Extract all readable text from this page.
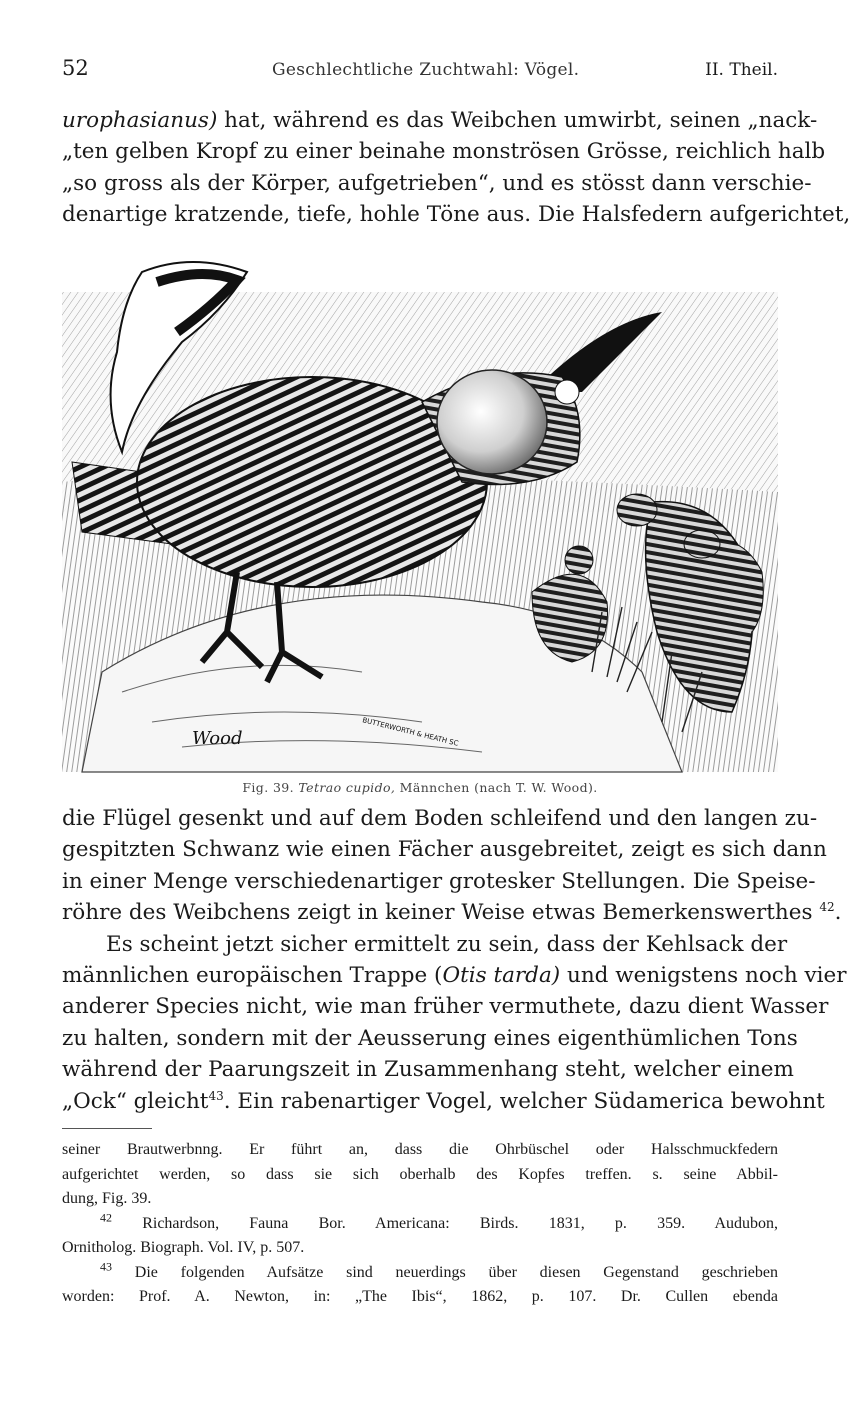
52	Geschlechtliche Zuchtwahl: Vögel.	II. Theil.
urophasianus) hat, während es das Weibchen umwirbt, seinen „nack-
„ten gelben Kropf zu einer beinahe monströsen Grösse, reichlich halb
„so gross als der Körper, aufgetrieben“, und es stösst dann verschie-
denartige kratzende, tiefe, hohle Töne aus. Die Halsfedern aufgerichtet,
Wood	BUTTERWORTH & HEATH SC
Fig. 39. Tetrao cupido, Männchen (nach T. W. Wood).
die Flügel gesenkt und auf dem Boden schleifend und den langen zu-
gespitzten Schwanz wie einen Fächer ausgebreitet, zeigt es sich dann
in einer Menge verschiedenartiger grotesker Stellungen. Die Speise-
röhre des Weibchens zeigt in keiner Weise etwas Bemerkenswerthes $^{42}$.
Es scheint jetzt sicher ermittelt zu sein, dass der Kehlsack der
männlichen europäischen Trappe (Otis tarda) und wenigstens noch vier
anderer Species nicht, wie man früher vermuthete, dazu dient Wasser
zu halten, sondern mit der Aeusserung eines eigenthümlichen Tons
während der Paarungszeit in Zusammenhang steht, welcher einem
„Ock“ gleicht$^{43}$. Ein rabenartiger Vogel, welcher Südamerica bewohnt
seiner Brautwerbnng. Er führt an, dass die Ohrbüschel oder Halsschmuckfedern
aufgerichtet werden, so dass sie sich oberhalb des Kopfes treffen. s. seine Abbil-
dung, Fig. 39.
$^{42}$ Richardson, Fauna Bor. Americana: Birds. 1831, p. 359. Audubon,
Ornitholog. Biograph. Vol. IV, p. 507.
$^{43}$ Die folgenden Aufsätze sind neuerdings über diesen Gegenstand geschrieben
worden: Prof. A. Newton, in: „The Ibis“, 1862, p. 107. Dr. Cullen ebenda
